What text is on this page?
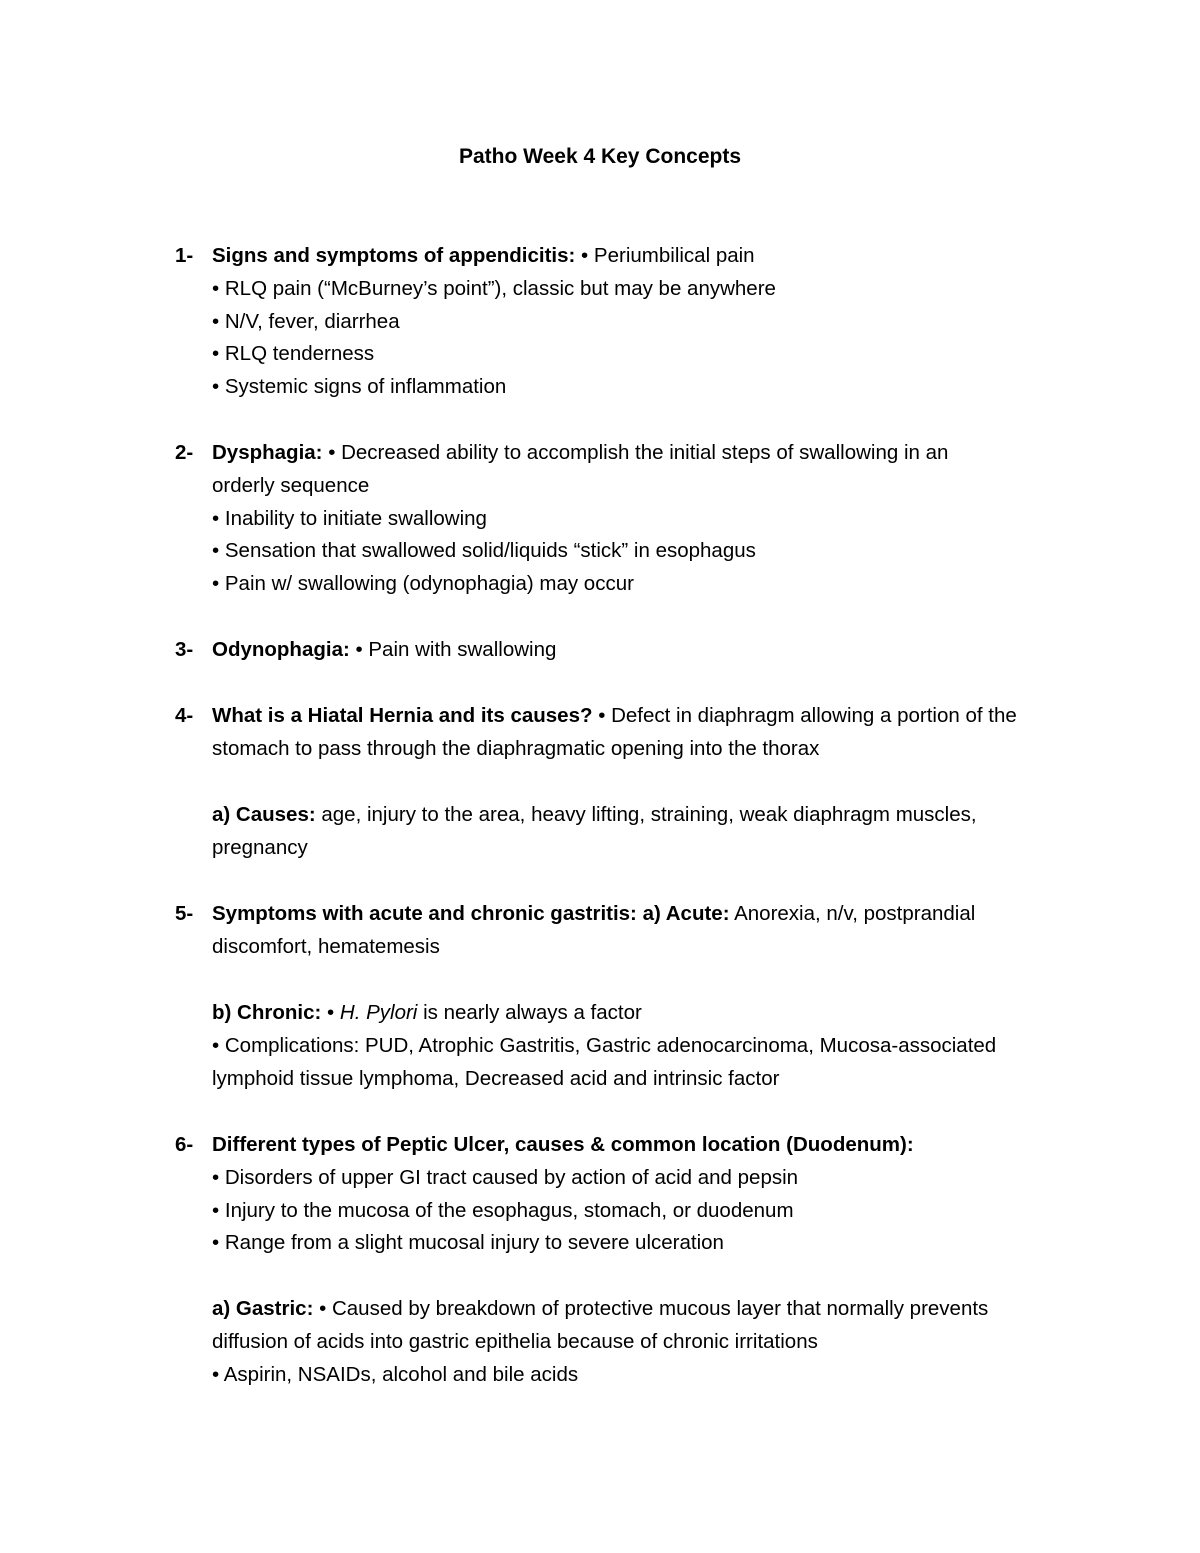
Patho Week 4 Key Concepts
1- Signs and symptoms of appendicitis: • Periumbilical pain
• RLQ pain (“McBurney’s point”), classic but may be anywhere
• N/V, fever, diarrhea
• RLQ tenderness
• Systemic signs of inflammation
2- Dysphagia: • Decreased ability to accomplish the initial steps of swallowing in an
orderly sequence
• Inability to initiate swallowing
• Sensation that swallowed solid/liquids “stick” in esophagus
• Pain w/ swallowing (odynophagia) may occur
3- Odynophagia: • Pain with swallowing
4- What is a Hiatal Hernia and its causes? • Defect in diaphragm allowing a portion of the
stomach to pass through the diaphragmatic opening into the thorax
a) Causes: age, injury to the area, heavy lifting, straining, weak diaphragm muscles,
pregnancy
5- Symptoms with acute and chronic gastritis: a) Acute: Anorexia, n/v, postprandial
discomfort, hematemesis
b) Chronic: • H. Pylori is nearly always a factor
• Complications: PUD, Atrophic Gastritis, Gastric adenocarcinoma, Mucosa-associated
lymphoid tissue lymphoma, Decreased acid and intrinsic factor
6- Different types of Peptic Ulcer, causes & common location (Duodenum):
• Disorders of upper GI tract caused by action of acid and pepsin
• Injury to the mucosa of the esophagus, stomach, or duodenum
• Range from a slight mucosal injury to severe ulceration
a) Gastric: • Caused by breakdown of protective mucous layer that normally prevents
diffusion of acids into gastric epithelia because of chronic irritations
• Aspirin, NSAIDs, alcohol and bile acids
